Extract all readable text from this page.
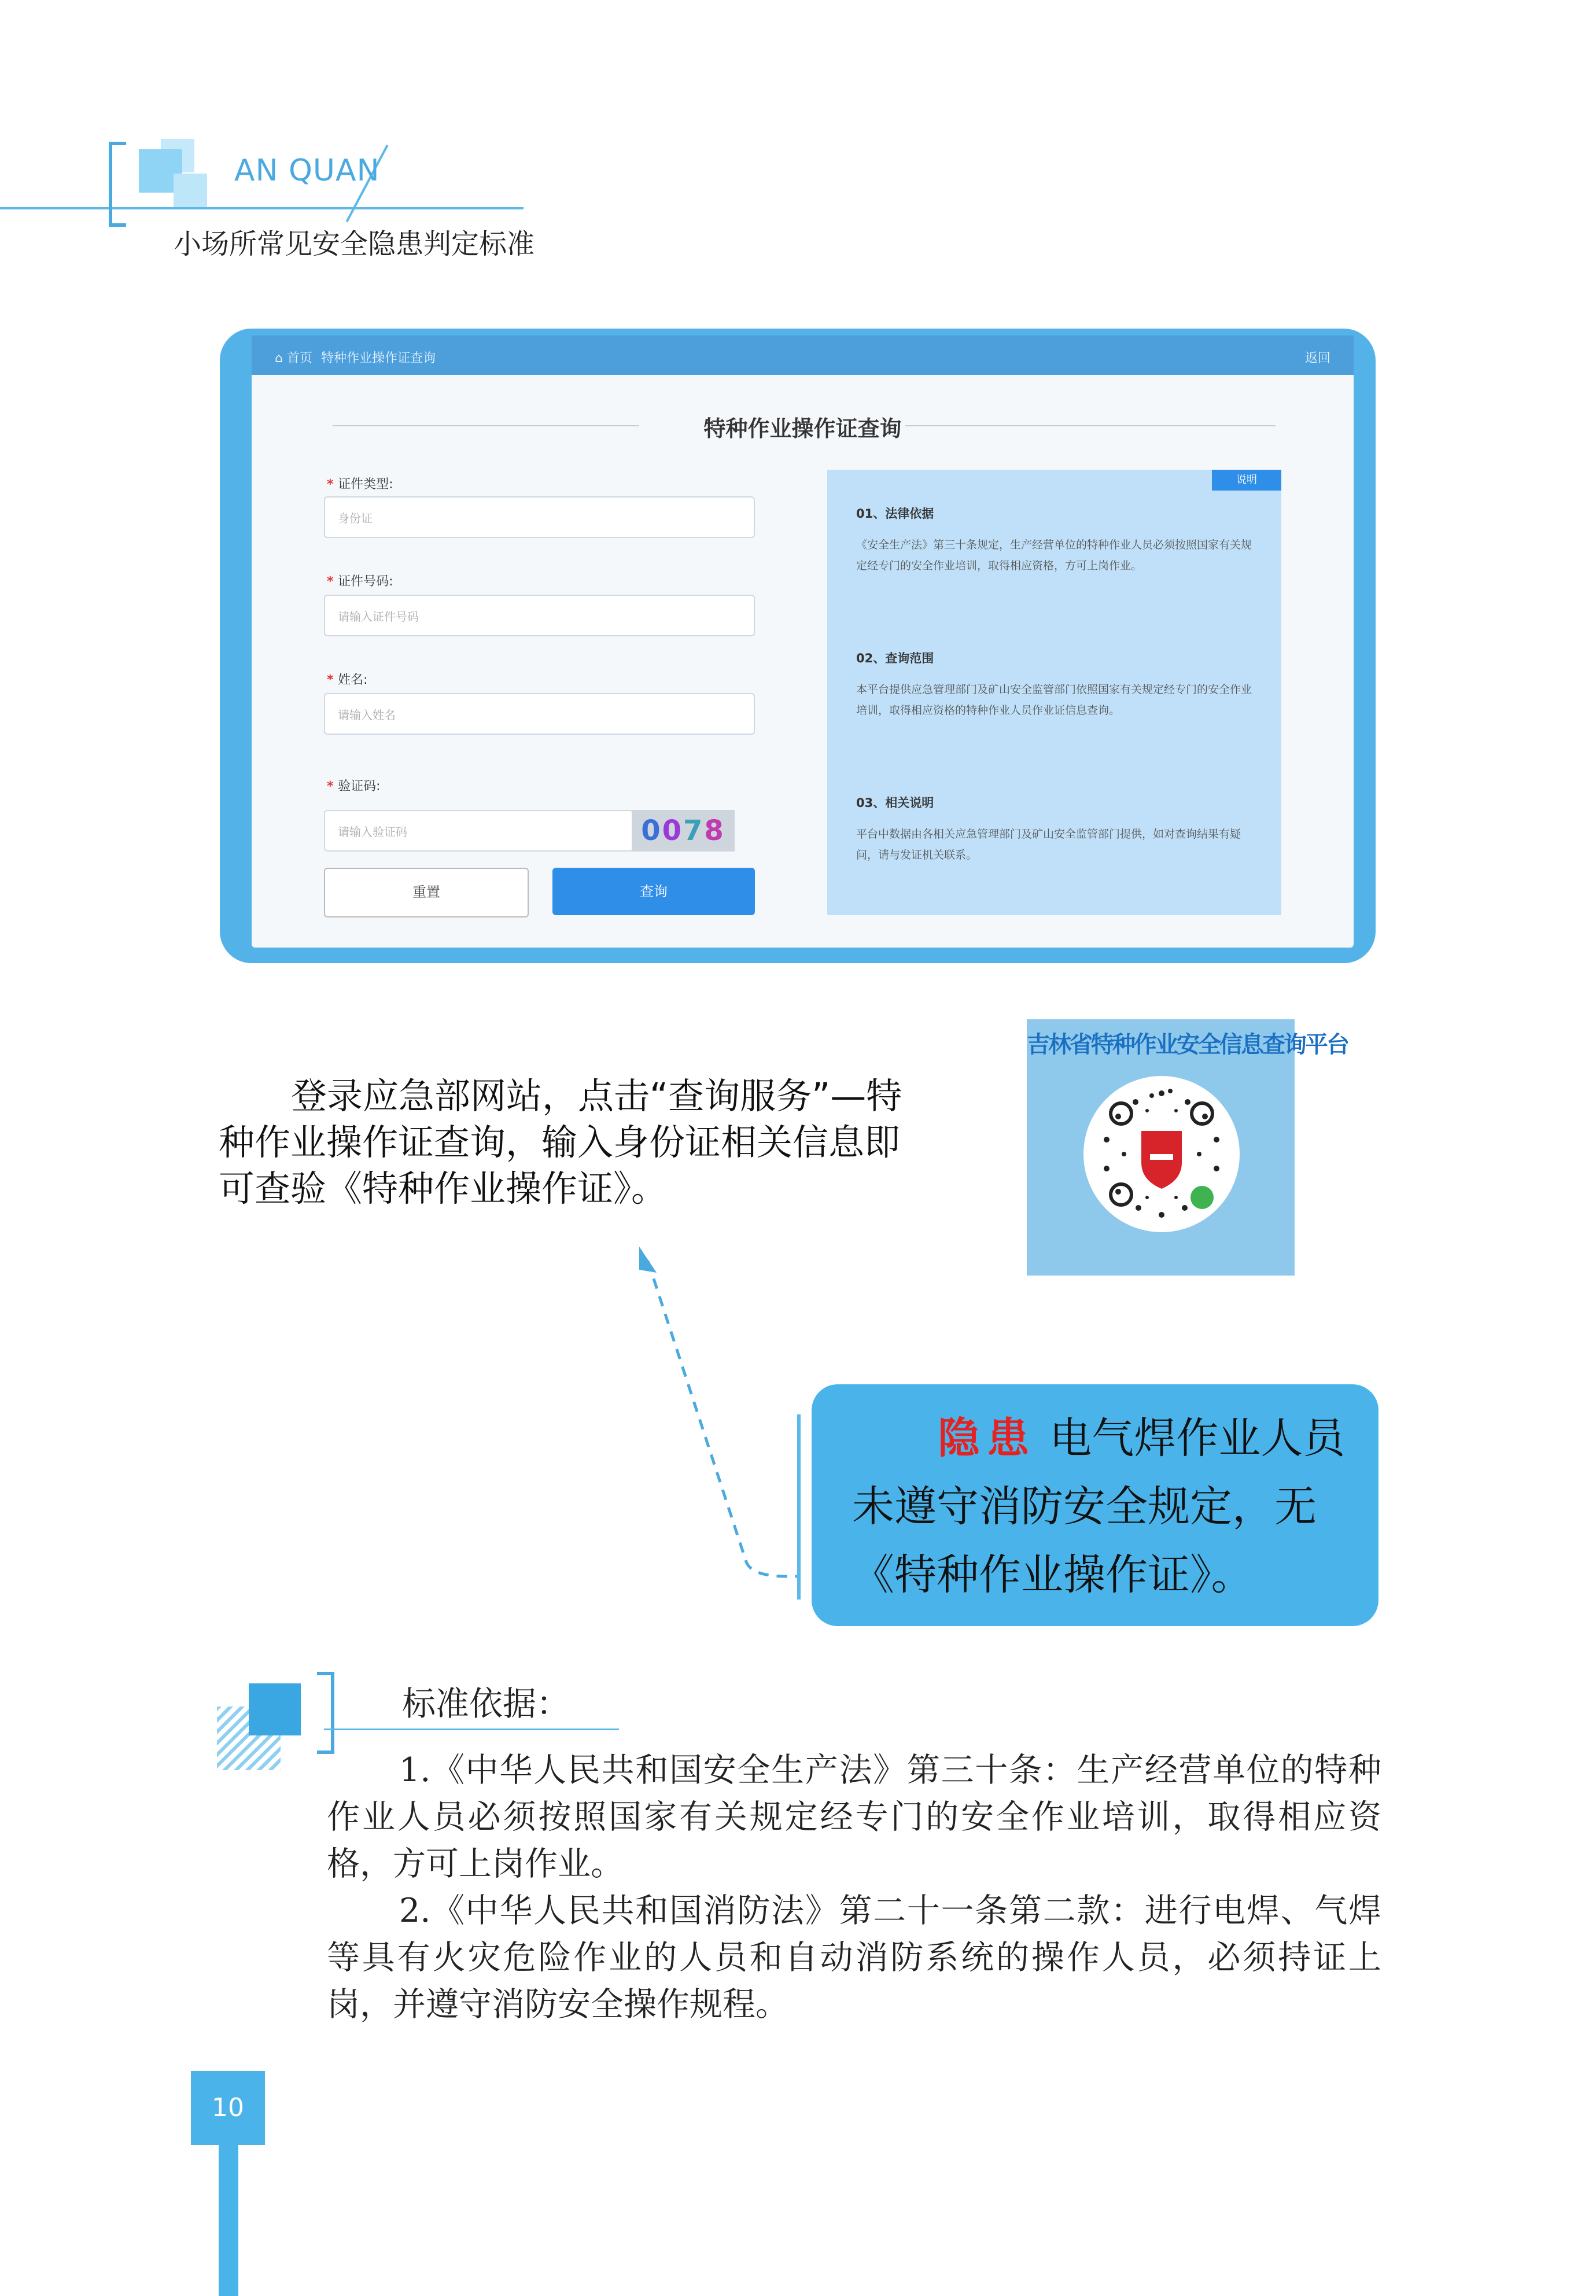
AN QUAN
小场所常见安全隐患判定标准
⌂ 首页 特种作业操作证查询	返回
特种作业操作证查询
* 证件类型:
身份证
* 证件号码:
请输入证件号码
* 姓名:
请输入姓名
* 验证码:
请输入验证码	0078
重置	查询
说明
01、法律依据
《安全生产法》第三十条规定，生产经营单位的特种作业人员必须按照国家有关规定经专门的安全作业培训，取得相应资格，方可上岗作业。
02、查询范围
本平台提供应急管理部门及矿山安全监管部门依照国家有关规定经专门的安全作业培训，取得相应资格的特种作业人员作业证信息查询。
03、相关说明
平台中数据由各相关应急管理部门及矿山安全监管部门提供，如对查询结果有疑问，请与发证机关联系。
登录应急部网站，点击“查询服务”—特种作业操作证查询，输入身份证相关信息即可查验《特种作业操作证》。
吉林省特种作业安全信息查询平台
隐患 电气焊作业人员未遵守消防安全规定，无《特种作业操作证》。
标准依据：

1.《中华人民共和国安全生产法》第三十条：生产经营单位的特种作业人员必须按照国家有关规定经专门的安全作业培训，取得相应资格，方可上岗作业。

2.《中华人民共和国消防法》第二十一条第二款：进行电焊、气焊等具有火灾危险作业的人员和自动消防系统的操作人员，必须持证上岗，并遵守消防安全操作规程。

10
